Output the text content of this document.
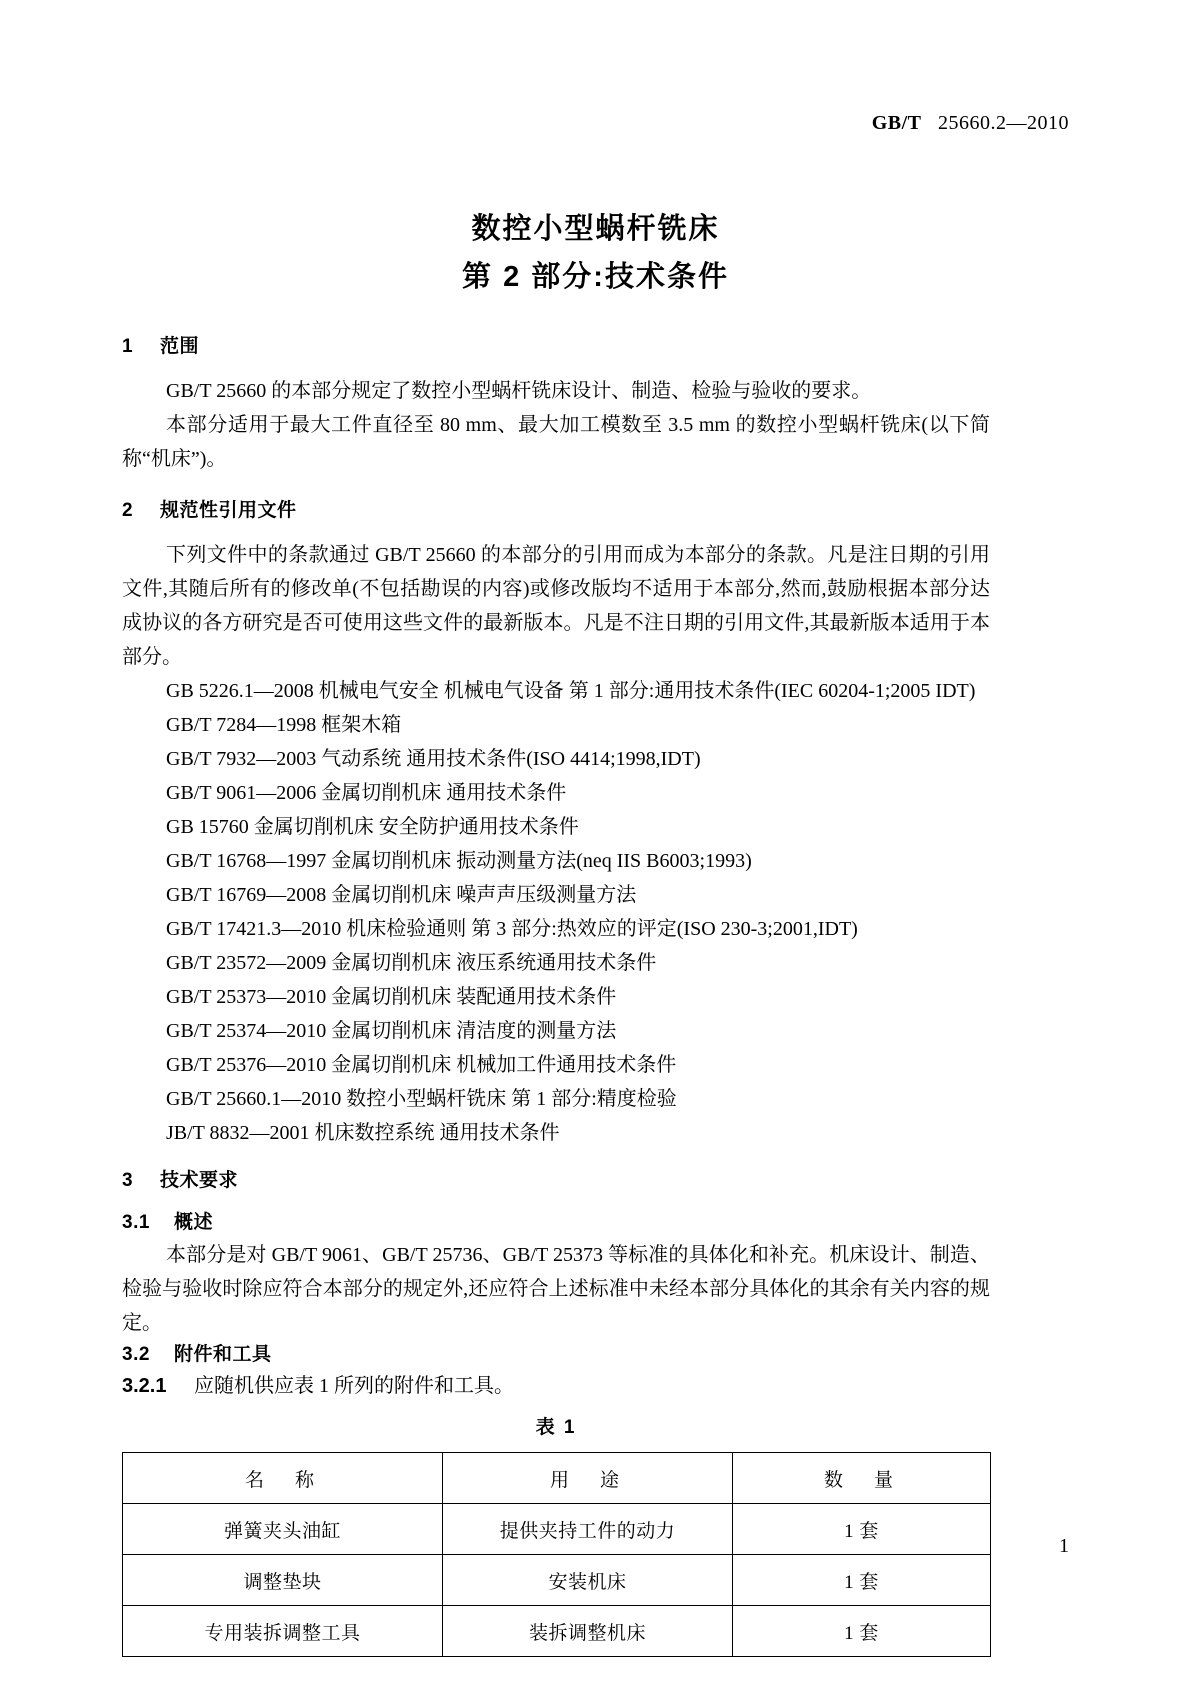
GB/T 25660.2—2010
数控小型蜗杆铣床
第 2 部分:技术条件
1 范围

GB/T 25660 的本部分规定了数控小型蜗杆铣床设计、制造、检验与验收的要求。

本部分适用于最大工件直径至 80 mm、最大加工模数至 3.5 mm 的数控小型蜗杆铣床(以下简称“机床”)。

2 规范性引用文件

下列文件中的条款通过 GB/T 25660 的本部分的引用而成为本部分的条款。凡是注日期的引用文件,其随后所有的修改单(不包括勘误的内容)或修改版均不适用于本部分,然而,鼓励根据本部分达成协议的各方研究是否可使用这些文件的最新版本。凡是不注日期的引用文件,其最新版本适用于本部分。

GB 5226.1—2008 机械电气安全 机械电气设备 第 1 部分:通用技术条件(IEC 60204-1;2005 IDT)

GB/T 7284—1998 框架木箱

GB/T 7932—2003 气动系统 通用技术条件(ISO 4414;1998,IDT)

GB/T 9061—2006 金属切削机床 通用技术条件

GB 15760 金属切削机床 安全防护通用技术条件

GB/T 16768—1997 金属切削机床 振动测量方法(neq IIS B6003;1993)

GB/T 16769—2008 金属切削机床 噪声声压级测量方法

GB/T 17421.3—2010 机床检验通则 第 3 部分:热效应的评定(ISO 230-3;2001,IDT)

GB/T 23572—2009 金属切削机床 液压系统通用技术条件

GB/T 25373—2010 金属切削机床 装配通用技术条件

GB/T 25374—2010 金属切削机床 清洁度的测量方法

GB/T 25376—2010 金属切削机床 机械加工件通用技术条件

GB/T 25660.1—2010 数控小型蜗杆铣床 第 1 部分:精度检验

JB/T 8832—2001 机床数控系统 通用技术条件

3 技术要求
3.1 概述

本部分是对 GB/T 9061、GB/T 25736、GB/T 25373 等标准的具体化和补充。机床设计、制造、检验与验收时除应符合本部分的规定外,还应符合上述标准中未经本部分具体化的其余有关内容的规定。

3.2 附件和工具

3.2.1 应随机供应表 1 所列的附件和工具。

表 1
名　称	用　途	数　量
弹簧夹头油缸	提供夹持工件的动力	1 套
调整垫块	安装机床	1 套
专用装拆调整工具	装拆调整机床	1 套
1
